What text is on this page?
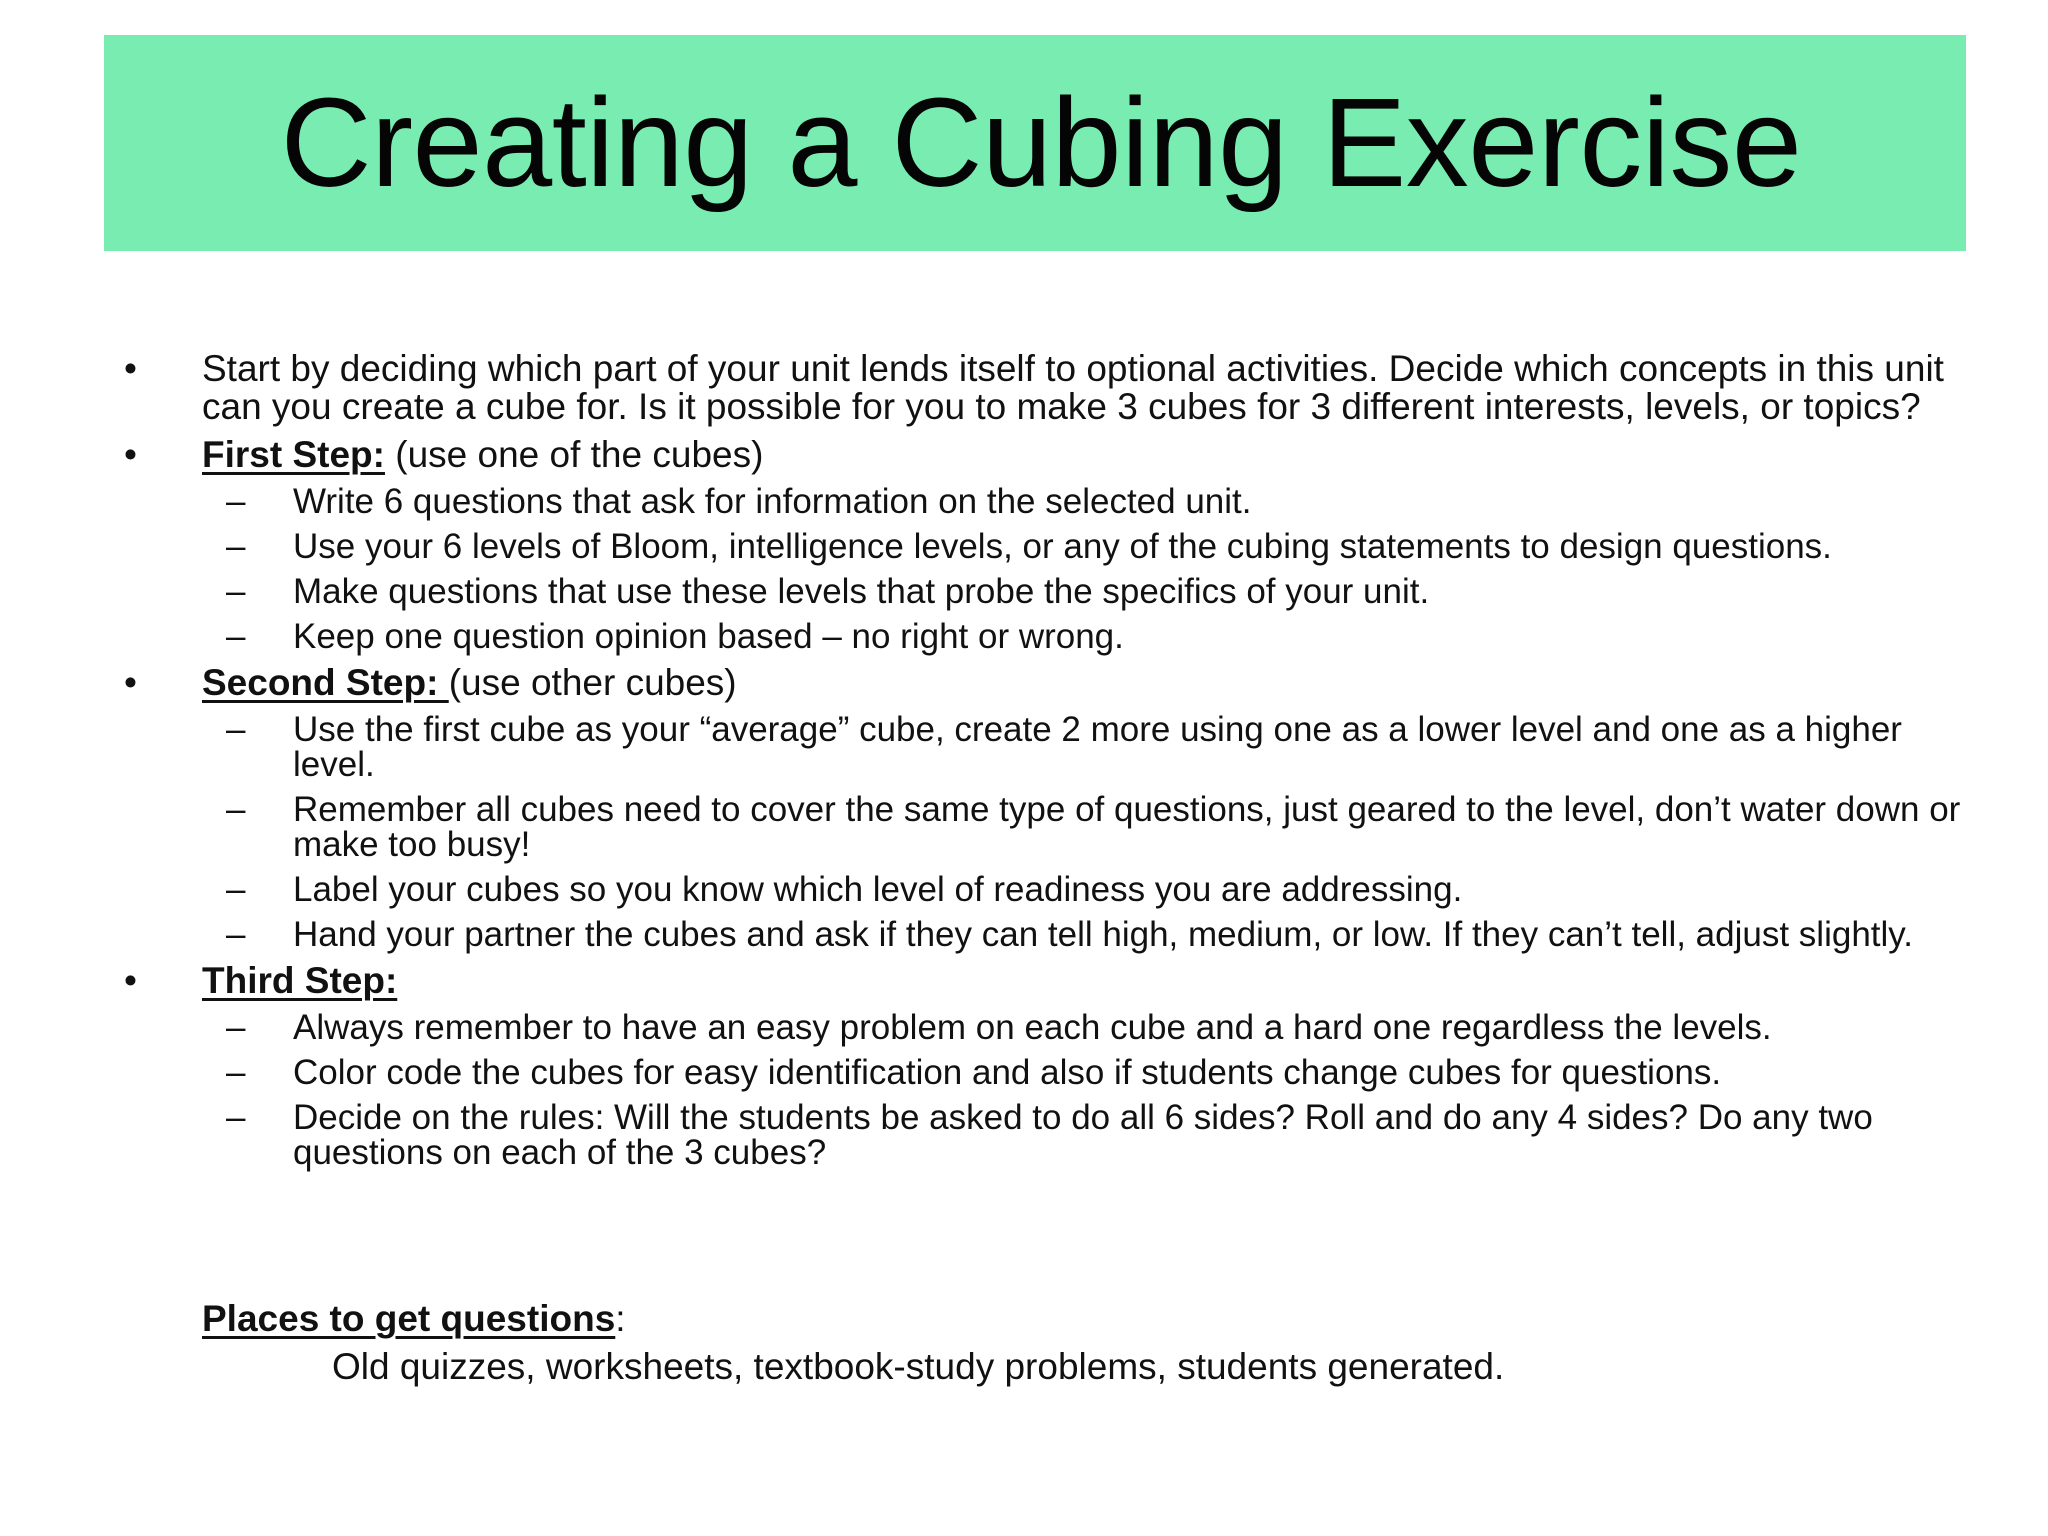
Creating a Cubing Exercise
• Start by deciding which part of your unit lends itself to optional activities. Decide which concepts in this unit can you create a cube for. Is it possible for you to make 3 cubes for 3 different interests, levels, or topics?
• First Step: (use one of the cubes)
– Write 6 questions that ask for information on the selected unit.
– Use your 6 levels of Bloom, intelligence levels, or any of the cubing statements to design questions.
– Make questions that use these levels that probe the specifics of your unit.
– Keep one question opinion based – no right or wrong.
• Second Step: (use other cubes)
– Use the first cube as your “average” cube, create 2 more using one as a lower level and one as a higher level.
– Remember all cubes need to cover the same type of questions, just geared to the level, don’t water down or make too busy!
– Label your cubes so you know which level of readiness you are addressing.
– Hand your partner the cubes and ask if they can tell high, medium, or low. If they can’t tell, adjust slightly.
• Third Step:
– Always remember to have an easy problem on each cube and a hard one regardless the levels.
– Color code the cubes for easy identification and also if students change cubes for questions.
– Decide on the rules: Will the students be asked to do all 6 sides? Roll and do any 4 sides? Do any two questions on each of the 3 cubes?
Places to get questions:
Old quizzes, worksheets, textbook-study problems, students generated.
